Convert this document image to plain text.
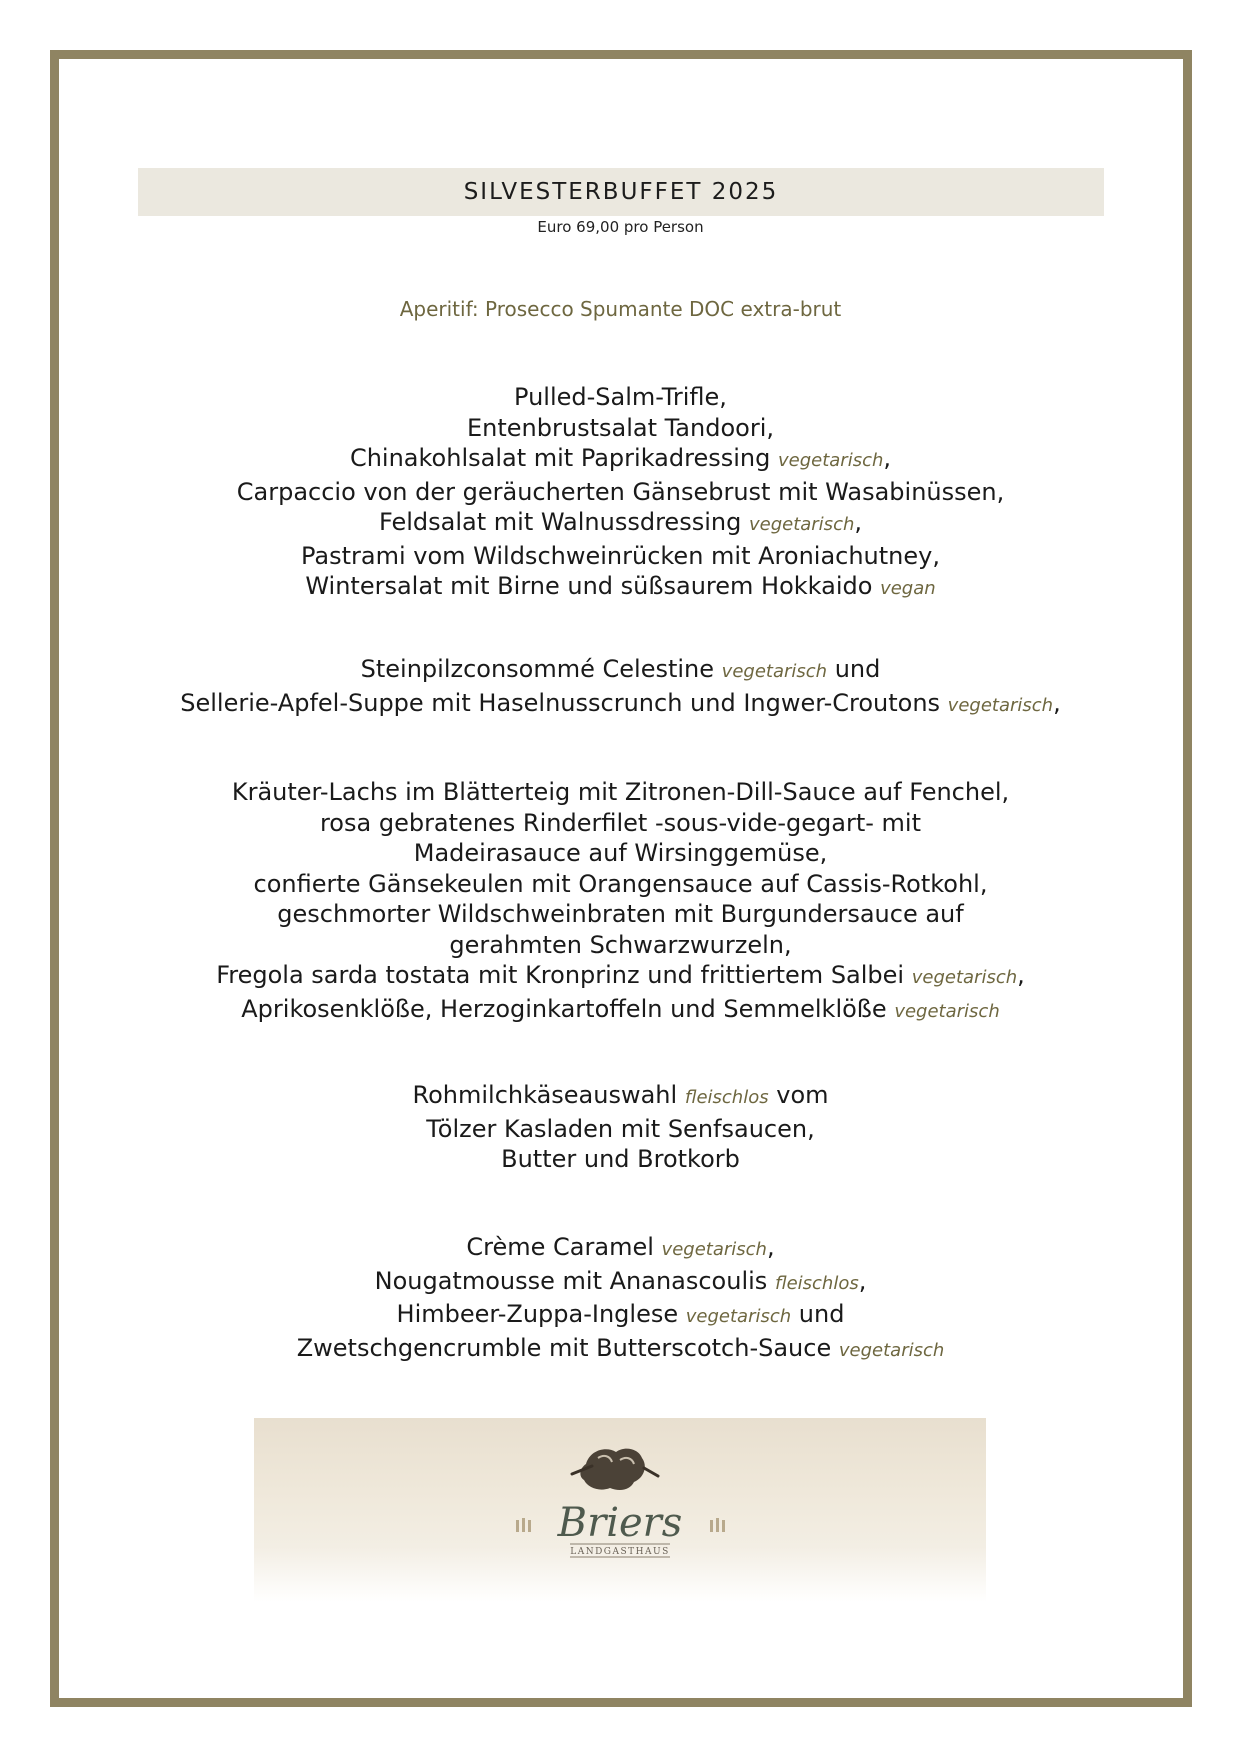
SILVESTERBUFFET 2025
Euro 69,00 pro Person
Aperitif: Prosecco Spumante DOC extra-brut
Pulled-Salm-Trifle,
Entenbrustsalat Tandoori,
Chinakohlsalat mit Paprikadressing vegetarisch,
Carpaccio von der geräucherten Gänsebrust mit Wasabinüssen,
Feldsalat mit Walnussdressing vegetarisch,
Pastrami vom Wildschweinrücken mit Aroniachutney,
Wintersalat mit Birne und süßsaurem Hokkaido vegan
Steinpilzconsommé Celestine vegetarisch und
Sellerie-Apfel-Suppe mit Haselnusscrunch und Ingwer-Croutons vegetarisch,
Kräuter-Lachs im Blätterteig mit Zitronen-Dill-Sauce auf Fenchel,
rosa gebratenes Rinderfilet -sous-vide-gegart- mit
Madeirasauce auf Wirsinggemüse,
confierte Gänsekeulen mit Orangensauce auf Cassis-Rotkohl,
geschmorter Wildschweinbraten mit Burgundersauce auf
gerahmten Schwarzwurzeln,
Fregola sarda tostata mit Kronprinz und frittiertem Salbei vegetarisch,
Aprikosenklöße, Herzoginkartoffeln und Semmelklöße vegetarisch
Rohmilchkäseauswahl fleischlos vom
Tölzer Kasladen mit Senfsaucen,
Butter und Brotkorb
Crème Caramel vegetarisch,
Nougatmousse mit Ananascoulis fleischlos,
Himbeer-Zuppa-Inglese vegetarisch und
Zwetschgencrumble mit Butterscotch-Sauce vegetarisch
Briers
LANDGASTHAUS
